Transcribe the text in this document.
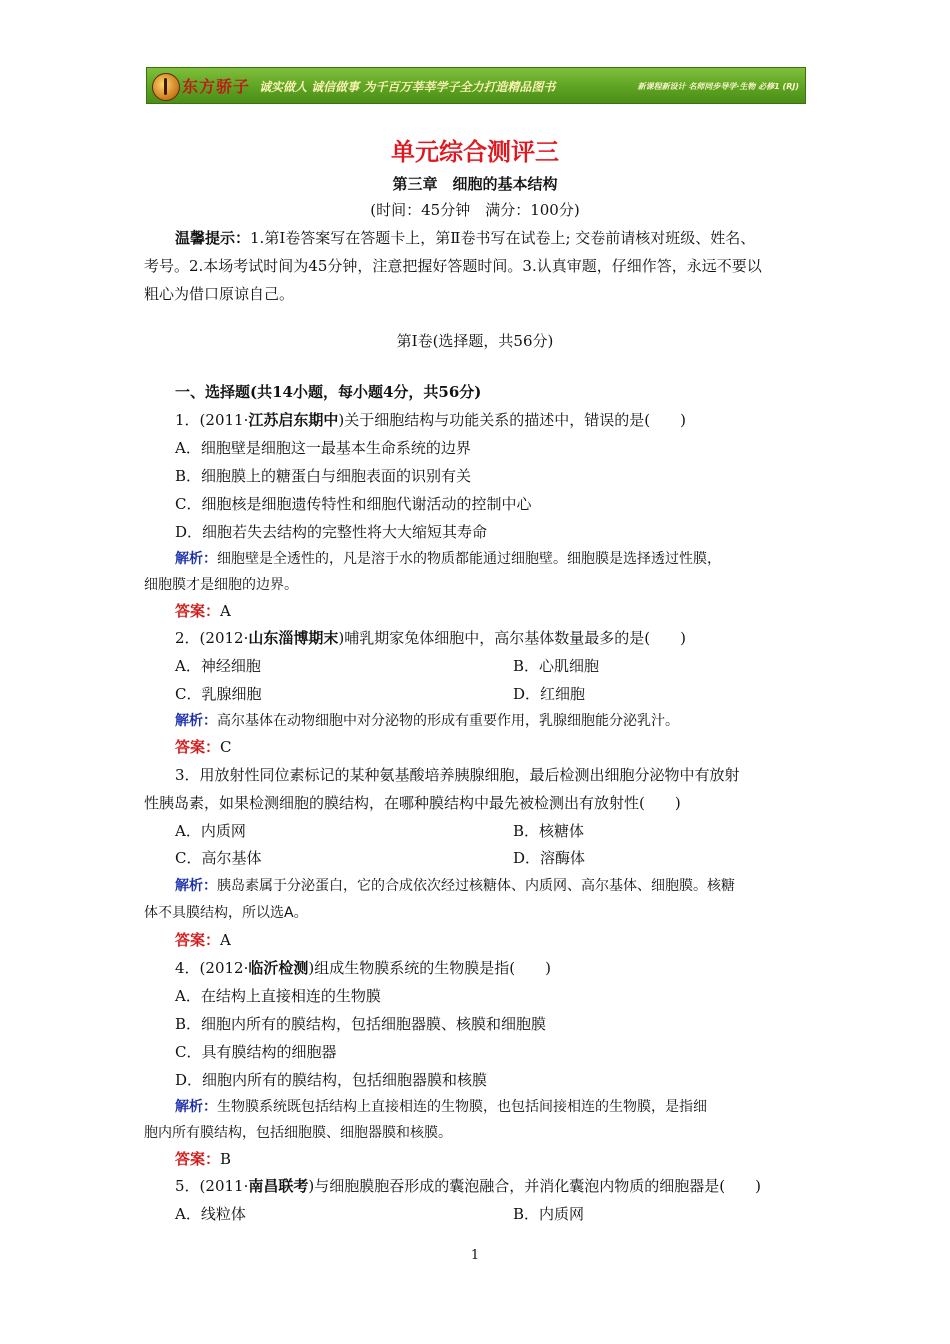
东方骄子 诚实做人 诚信做事 为千百万莘莘学子全力打造精品图书	新课程新设计 名师同步导学·生物 必修1 (RJ)
单元综合测评三
第三章　细胞的基本结构
(时间：45分钟　满分：100分)
温馨提示：1.第Ⅰ卷答案写在答题卡上，第Ⅱ卷书写在试卷上; 交卷前请核对班级、姓名、
考号。2.本场考试时间为45分钟，注意把握好答题时间。3.认真审题，仔细作答，永远不要以
粗心为借口原谅自己。
第Ⅰ卷(选择题，共56分)
一、选择题(共14小题，每小题4分，共56分)
1．(2011·江苏启东期中)关于细胞结构与功能关系的描述中，错误的是(　　)
A．细胞壁是细胞这一最基本生命系统的边界
B．细胞膜上的糖蛋白与细胞表面的识别有关
C．细胞核是细胞遗传特性和细胞代谢活动的控制中心
D．细胞若失去结构的完整性将大大缩短其寿命
解析：细胞壁是全透性的，凡是溶于水的物质都能通过细胞壁。细胞膜是选择透过性膜，
细胞膜才是细胞的边界。
答案：A
2．(2012·山东淄博期末)哺乳期家兔体细胞中，高尔基体数量最多的是(　　)
A．神经细胞	B．心肌细胞
C．乳腺细胞	D．红细胞
解析：高尔基体在动物细胞中对分泌物的形成有重要作用，乳腺细胞能分泌乳汁。
答案：C
3．用放射性同位素标记的某种氨基酸培养胰腺细胞，最后检测出细胞分泌物中有放射
性胰岛素，如果检测细胞的膜结构，在哪种膜结构中最先被检测出有放射性(　　)
A．内质网	B．核糖体
C．高尔基体	D．溶酶体
解析：胰岛素属于分泌蛋白，它的合成依次经过核糖体、内质网、高尔基体、细胞膜。核糖
体不具膜结构，所以选A。
答案：A
4．(2012·临沂检测)组成生物膜系统的生物膜是指(　　)
A．在结构上直接相连的生物膜
B．细胞内所有的膜结构，包括细胞器膜、核膜和细胞膜
C．具有膜结构的细胞器
D．细胞内所有的膜结构，包括细胞器膜和核膜
解析：生物膜系统既包括结构上直接相连的生物膜，也包括间接相连的生物膜，是指细
胞内所有膜结构，包括细胞膜、细胞器膜和核膜。
答案：B
5．(2011·南昌联考)与细胞膜胞吞形成的囊泡融合，并消化囊泡内物质的细胞器是(　　)
A．线粒体	B．内质网
1
